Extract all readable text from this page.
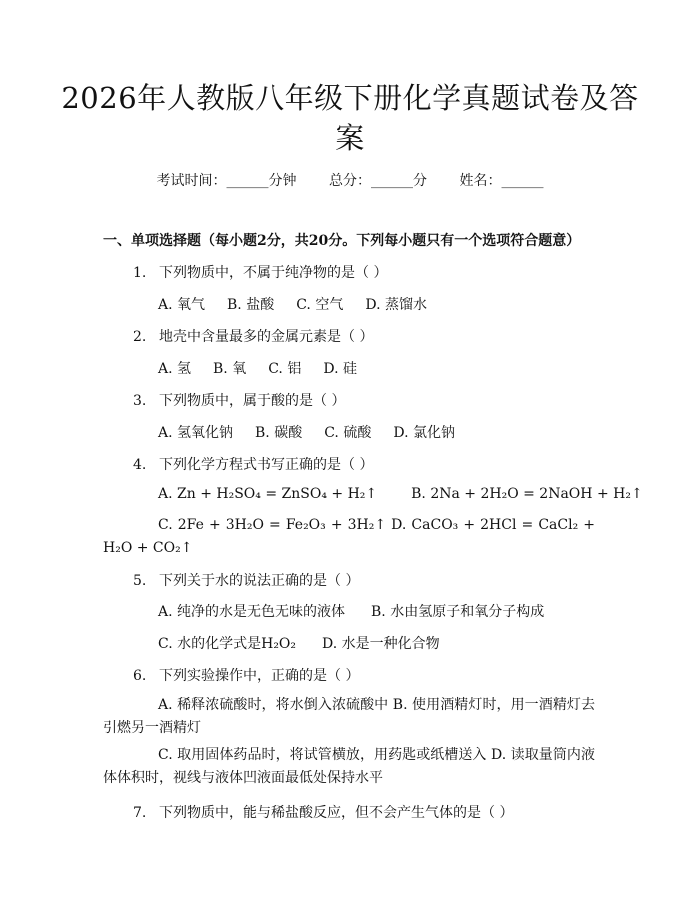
2026年人教版八年级下册化学真题试卷及答案
考试时间：______分钟 总分：______分 姓名：______
一、单项选择题（每小题2分，共20分。下列每小题只有一个选项符合题意）
1. 下列物质中，不属于纯净物的是（ ）
A. 氧气 B. 盐酸 C. 空气 D. 蒸馏水
2. 地壳中含量最多的金属元素是（ ）
A. 氢 B. 氧 C. 铝 D. 硅
3. 下列物质中，属于酸的是（ ）
A. 氢氧化钠 B. 碳酸 C. 硫酸 D. 氯化钠
4. 下列化学方程式书写正确的是（ ）
A. Zn + H₂SO₄ = ZnSO₄ + H₂↑ B. 2Na + 2H₂O = 2NaOH + H₂↑
C. 2Fe + 3H₂O = Fe₂O₃ + 3H₂↑ D. CaCO₃ + 2HCl = CaCl₂ + H₂O + CO₂↑
5. 下列关于水的说法正确的是（ ）
A. 纯净的水是无色无味的液体 B. 水由氢原子和氧分子构成
C. 水的化学式是H₂O₂ D. 水是一种化合物
6. 下列实验操作中，正确的是（ ）
A. 稀释浓硫酸时，将水倒入浓硫酸中 B. 使用酒精灯时，用一酒精灯去引燃另一酒精灯
C. 取用固体药品时，将试管横放，用药匙或纸槽送入 D. 读取量筒内液体体积时，视线与液体凹液面最低处保持水平
7. 下列物质中，能与稀盐酸反应，但不会产生气体的是（ ）
